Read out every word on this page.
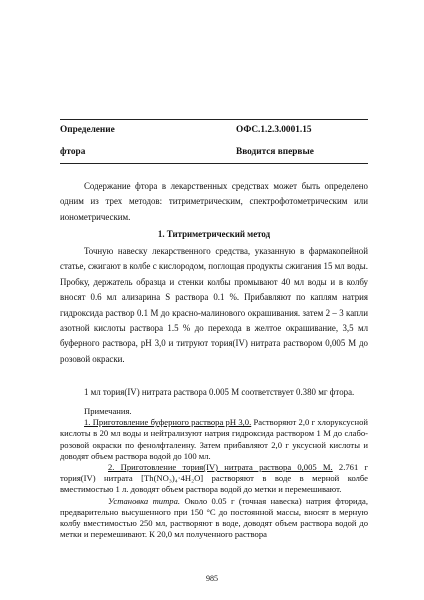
Определение
фтора
ОФС.1.2.3.0001.15
Вводится впервые
Содержание фтора в лекарственных средствах может быть определено одним из трех методов: титриметрическим, спектрофотометрическим или ионометрическим.
1. Титриметрический метод
Точную навеску лекарственного средства, указанную в фармакопейной статье, сжигают в колбе с кислородом, поглощая продукты сжигания 15 мл воды. Пробку, держатель образца и стенки колбы промывают 40 мл воды и в колбу вносят 0.6 мл ализарина S раствора 0.1 %. Прибавляют по каплям натрия гидроксида раствор 0.1 М до красно-малинового окрашивания. затем 2 – 3 капли азотной кислоты раствора 1.5 % до перехода в желтое окрашивание, 3,5 мл буферного раствора, pH 3,0 и титруют тория(IV) нитрата раствором 0,005 М до розовой окраски.
1 мл тория(IV) нитрата раствора 0.005 М соответствует 0.380 мг фтора.
Примечания.
1. Приготовление буферного раствора pH 3,0. Растворяют 2,0 г хлоруксусной кислоты в 20 мл воды и нейтрализуют натрия гидроксида раствором 1 М до слабо-розовой окраски по фенолфталеину. Затем прибавляют 2,0 г уксусной кислоты и доводят объем раствора водой до 100 мл.
2. Приготовление тория(IV) нитрата раствора 0,005 М. 2.761 г тория(IV) нитрата [Th(NO₃)₄·4H₂O] растворяют в воде в мерной колбе вместимостью 1 л. доводят объем раствора водой до метки и перемешивают.
Установка титра. Около 0.05 г (точная навеска) натрия фторида, предварительно высушенного при 150 °С до постоянной массы, вносят в мерную колбу вместимостью 250 мл, растворяют в воде, доводят объем раствора водой до метки и перемешивают. К 20,0 мл полученного раствора
985
